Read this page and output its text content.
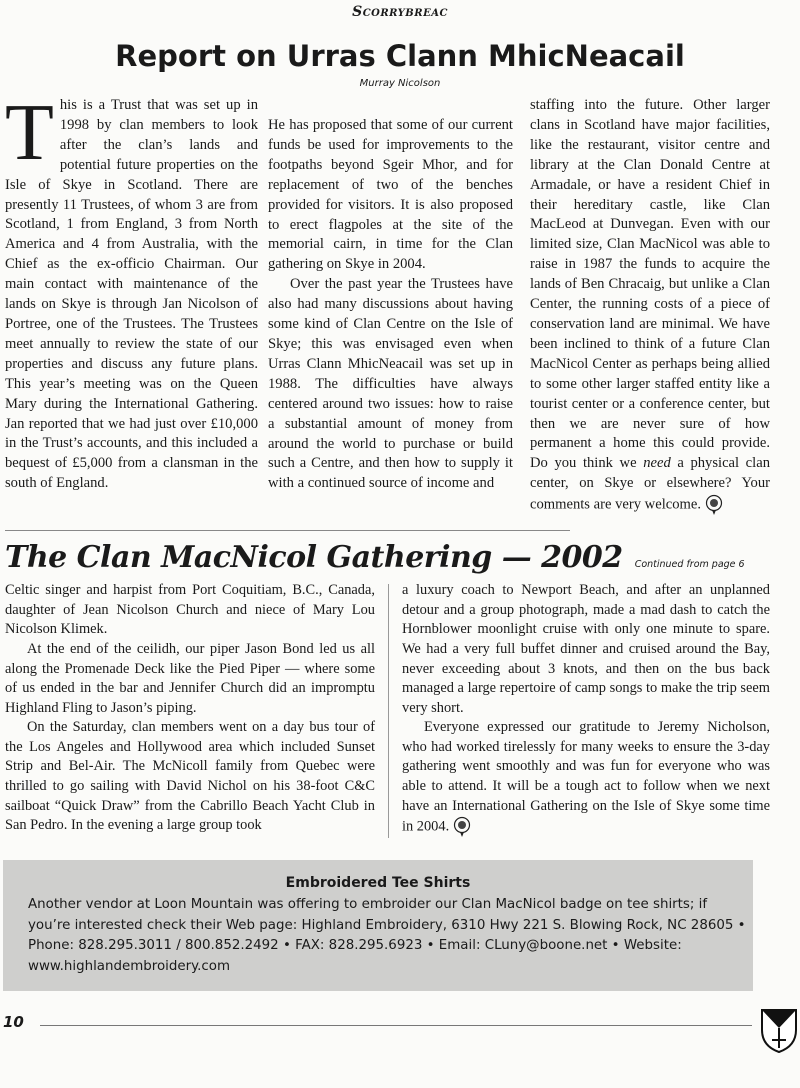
Scorrybreac
Report on Urras Clann MhicNeacail
Murray Nicolson
T his is a Trust that was set up in 1998 by clan members to look after the clan’s lands and potential future properties on the Isle of Skye in Scotland. There are presently 11 Trustees, of whom 3 are from Scotland, 1 from England, 3 from North America and 4 from Australia, with the Chief as the ex-officio Chairman. Our main contact with maintenance of the lands on Skye is through Jan Nicolson of Portree, one of the Trustees. The Trustees meet annually to review the state of our properties and discuss any future plans. This year’s meeting was on the Queen Mary during the International Gathering. Jan reported that we had just over £10,000 in the Trust’s accounts, and this included a bequest of £5,000 from a clansman in the south of England.

He has proposed that some of our current funds be used for improvements to the footpaths beyond Sgeir Mhor, and for replacement of two of the benches provided for visitors. It is also proposed to erect flagpoles at the site of the memorial cairn, in time for the Clan gathering on Skye in 2004.

Over the past year the Trustees have also had many discussions about having some kind of Clan Centre on the Isle of Skye; this was envisaged even when Urras Clann MhicNeacail was set up in 1988. The difficulties have always centered around two issues: how to raise a substantial amount of money from around the world to purchase or build such a Centre, and then how to supply it with a continued source of income and

staffing into the future. Other larger clans in Scotland have major facilities, like the restaurant, visitor centre and library at the Clan Donald Centre at Armadale, or have a resident Chief in their hereditary castle, like Clan MacLeod at Dunvegan. Even with our limited size, Clan MacNicol was able to raise in 1987 the funds to acquire the lands of Ben Chracaig, but unlike a Clan Center, the running costs of a piece of conservation land are minimal. We have been inclined to think of a future Clan MacNicol Center as perhaps being allied to some other larger staffed entity like a tourist center or a conference center, but then we are never sure of how permanent a home this could provide. Do you think we need a physical clan center, on Skye or elsewhere? Your comments are very welcome.

The Clan MacNicol Gathering — 2002 Continued from page 6

Celtic singer and harpist from Port Coquitiam, B.C., Canada, daughter of Jean Nicolson Church and niece of Mary Lou Nicolson Klimek.

At the end of the ceilidh, our piper Jason Bond led us all along the Promenade Deck like the Pied Piper — where some of us ended in the bar and Jennifer Church did an impromptu Highland Fling to Jason’s piping.

On the Saturday, clan members went on a day bus tour of the Los Angeles and Hollywood area which included Sunset Strip and Bel-Air. The McNicoll family from Quebec were thrilled to go sailing with David Nichol on his 38-foot C&C sailboat “Quick Draw” from the Cabrillo Beach Yacht Club in San Pedro. In the evening a large group took

a luxury coach to Newport Beach, and after an unplanned detour and a group photograph, made a mad dash to catch the Hornblower moonlight cruise with only one minute to spare. We had a very full buffet dinner and cruised around the Bay, never exceeding about 3 knots, and then on the bus back managed a large repertoire of camp songs to make the trip seem very short.

Everyone expressed our gratitude to Jeremy Nicholson, who had worked tirelessly for many weeks to ensure the 3-day gathering went smoothly and was fun for everyone who was able to attend. It will be a tough act to follow when we next have an International Gathering on the Isle of Skye some time in 2004.

Embroidered Tee Shirts
Another vendor at Loon Mountain was offering to embroider our Clan MacNicol badge on tee shirts; if you’re interested check their Web page: Highland Embroidery, 6310 Hwy 221 S. Blowing Rock, NC 28605 • Phone: 828.295.3011 / 800.852.2492 • FAX: 828.295.6923 • Email: CLuny@boone.net • Website: www.highlandembroidery.com
10
